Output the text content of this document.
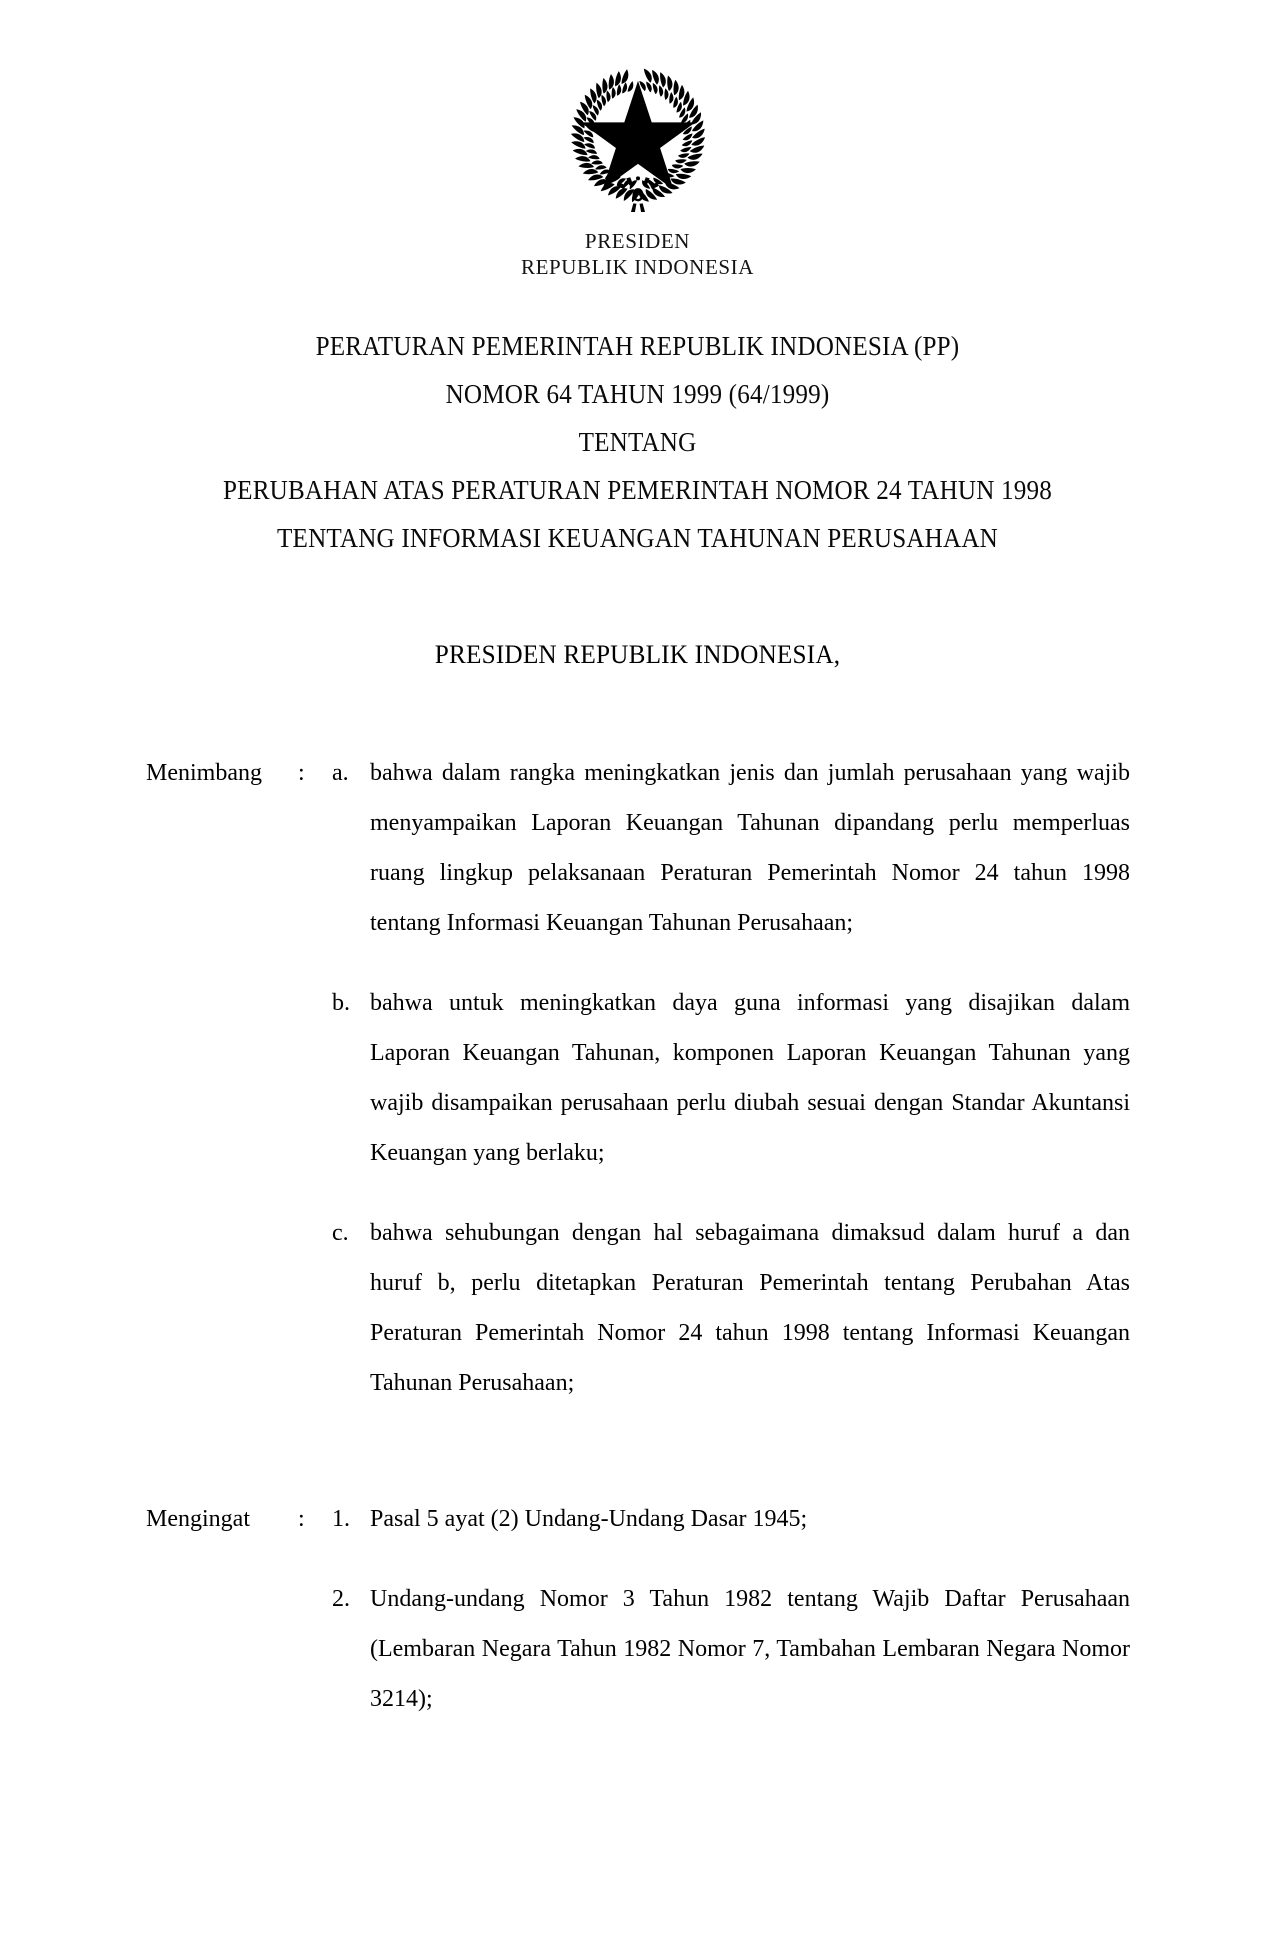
PRESIDEN
REPUBLIK INDONESIA
PERATURAN PEMERINTAH REPUBLIK INDONESIA (PP)
NOMOR 64 TAHUN 1999 (64/1999)
TENTANG
PERUBAHAN ATAS PERATURAN PEMERINTAH NOMOR 24 TAHUN 1998
TENTANG INFORMASI KEUANGAN TAHUNAN PERUSAHAAN
PRESIDEN REPUBLIK INDONESIA,
Menimbang	:	a. bahwa dalam rangka meningkatkan jenis dan jumlah perusahaan yang wajib menyampaikan Laporan Keuangan Tahunan dipandang perlu memperluas ruang lingkup pelaksanaan Peraturan Pemerintah Nomor 24 tahun 1998 tentang Informasi Keuangan Tahunan Perusahaan;
b. bahwa untuk meningkatkan daya guna informasi yang disajikan dalam Laporan Keuangan Tahunan, komponen Laporan Keuangan Tahunan yang wajib disampaikan perusahaan perlu diubah sesuai dengan Standar Akuntansi Keuangan yang berlaku;
c. bahwa sehubungan dengan hal sebagaimana dimaksud dalam huruf a dan huruf b, perlu ditetapkan Peraturan Pemerintah tentang Perubahan Atas Peraturan Pemerintah Nomor 24 tahun 1998 tentang Informasi Keuangan Tahunan Perusahaan;
Mengingat	:	1. Pasal 5 ayat (2) Undang-Undang Dasar 1945;
2. Undang-undang Nomor 3 Tahun 1982 tentang Wajib Daftar Perusahaan (Lembaran Negara Tahun 1982 Nomor 7, Tambahan Lembaran Negara Nomor 3214);
